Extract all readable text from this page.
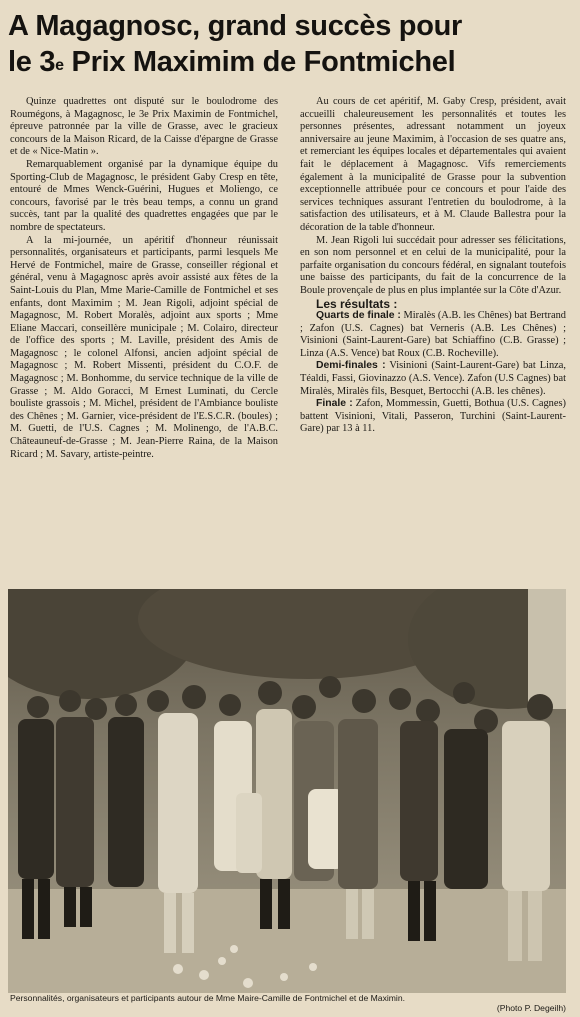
A Magagnosc, grand succès pour
le 3e Prix Maximim de Fontmichel

Quinze quadrettes ont disputé sur le boulodrome des Roumégons, à Magagnosc, le 3e Prix Maximin de Fontmichel, épreuve patronnée par la ville de Grasse, avec le gracieux concours de la Maison Ricard, de la Caisse d'épargne de Grasse et de « Nice-Matin ».

Remarquablement organisé par la dynamique équipe du Sporting-Club de Magagnosc, le président Gaby Cresp en tête, entouré de Mmes Wenck-Guérini, Hugues et Moliengo, ce concours, favorisé par le très beau temps, a connu un grand succès, tant par la qualité des quadrettes engagées que par le nombre de spectateurs.

A la mi-journée, un apéritif d'honneur réunissait personnalités, organisateurs et participants, parmi lesquels Me Hervé de Fontmichel, maire de Grasse, conseiller régional et général, venu à Magagnosc après avoir assisté aux fêtes de la Saint-Louis du Plan, Mme Marie-Camille de Fontmichel et ses enfants, dont Maximim ; M. Jean Rigoli, adjoint spécial de Magagnosc, M. Robert Moralès, adjoint aux sports ; Mme Eliane Maccari, conseillère municipale ; M. Colairo, directeur de l'office des sports ; M. Laville, président des Amis de Magagnosc ; le colonel Alfonsi, ancien adjoint spécial de Magagnosc ; M. Robert Missenti, président du C.O.F. de Magagnosc ; M. Bonhomme, du service technique de la ville de Grasse ; M. Aldo Goracci, M Ernest Luminati, du Cercle bouliste grassois ; M. Michel, président de l'Ambiance bouliste des Chênes ; M. Garnier, vice-président de l'E.S.C.R. (boules) ; M. Guetti, de l'U.S. Cagnes ; M. Molinengo, de l'A.B.C. Châteauneuf-de-Grasse ; M. Jean-Pierre Raina, de la Maison Ricard ; M. Savary, artiste-peintre.

Au cours de cet apéritif, M. Gaby Cresp, président, avait accueilli chaleureusement les personnalités et toutes les personnes présentes, adressant notamment un joyeux anniversaire au jeune Maximim, à l'occasion de ses quatre ans, et remerciant les équipes locales et départementales qui avaient fait le déplacement à Magagnosc. Vifs remerciements également à la municipalité de Grasse pour la subvention exceptionnelle attribuée pour ce concours et pour l'aide des services techniques assurant l'entretien du boulodrome, à la satisfaction des utilisateurs, et à M. Claude Ballestra pour la décoration de la table d'honneur.

M. Jean Rigoli lui succédait pour adresser ses félicitations, en son nom personnel et en celui de la municipalité, pour la parfaite organisation du concours fédéral, en signalant toutefois une baisse des participants, du fait de la concurrence de la Boule provençale de plus en plus implantée sur la Côte d'Azur.

Les résultats :

Quarts de finale : Miralès (A.B. les Chênes) bat Bertrand ; Zafon (U.S. Cagnes) bat Verneris (A.B. Les Chênes) ; Visinioni (Saint-Laurent-Gare) bat Schiaffino (C.B. Grasse) ; Linza (A.S. Vence) bat Roux (C.B. Rocheville).

Demi-finales : Visinioni (Saint-Laurent-Gare) bat Linza, Téaldi, Fassi, Giovinazzo (A.S. Vence). Zafon (U.S Cagnes) bat Miralès, Miralès fils, Besquet, Bertocchi (A.B. les chênes).

Finale : Zafon, Mommessin, Guetti, Bothua (U.S. Cagnes) battent Visinioni, Vitali, Passeron, Turchini (Saint-Laurent-Gare) par 13 à 11.

Personnalités, organisateurs et participants autour de Mme Maire-Camille de Fontmichel et de Maximin.
(Photo P. Degeilh)
